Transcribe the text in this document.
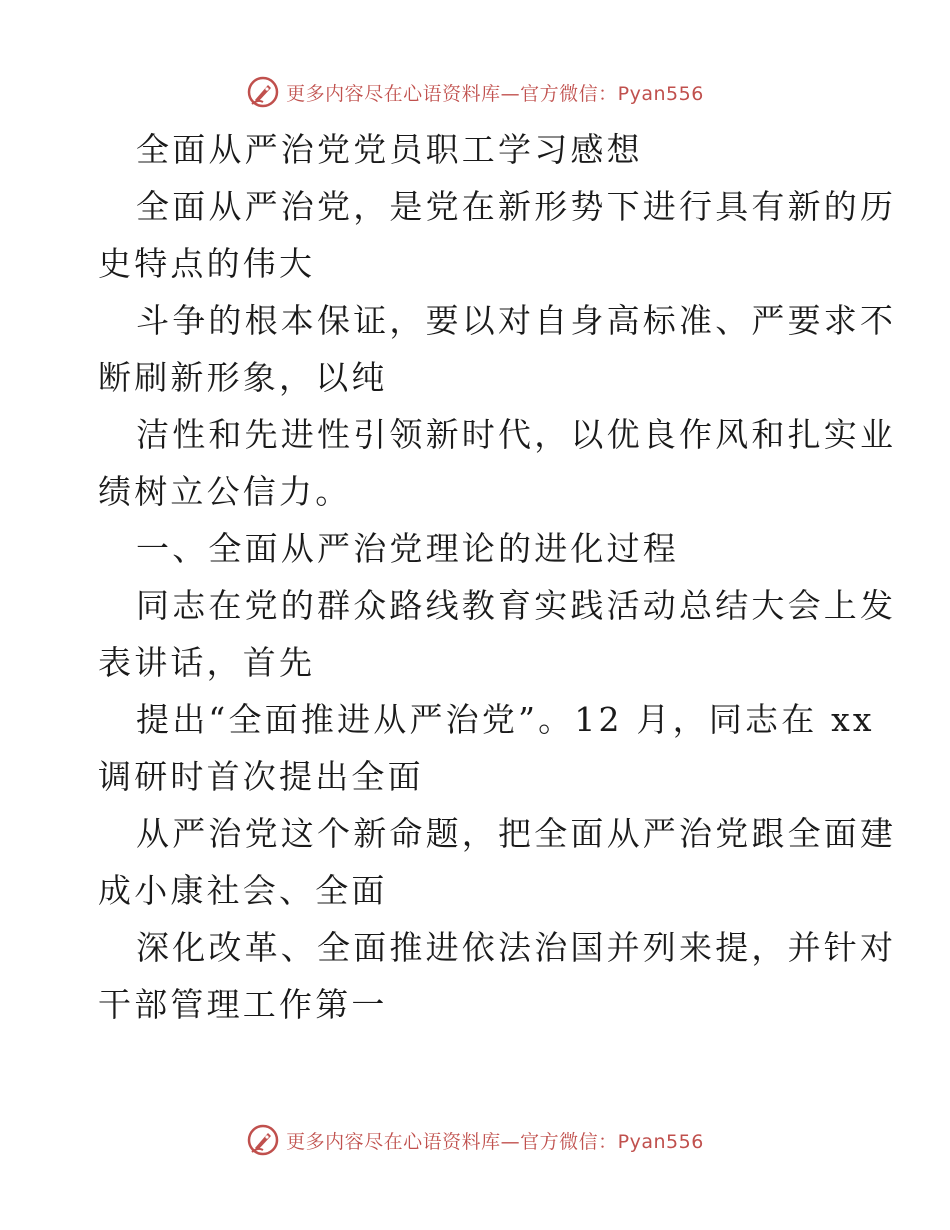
更多内容尽在心语资料库—官方微信：Pyan556
全面从严治党党员职工学习感想
全面从严治党，是党在新形势下进行具有新的历
史特点的伟大
斗争的根本保证，要以对自身高标准、严要求不
断刷新形象，以纯
洁性和先进性引领新时代，以优良作风和扎实业
绩树立公信力。
一、全面从严治党理论的进化过程
同志在党的群众路线教育实践活动总结大会上发
表讲话，首先
提出“全面推进从严治党”。12 月，同志在 xx
调研时首次提出全面
从严治党这个新命题，把全面从严治党跟全面建
成小康社会、全面
深化改革、全面推进依法治国并列来提，并针对
干部管理工作第一
更多内容尽在心语资料库—官方微信：Pyan556
